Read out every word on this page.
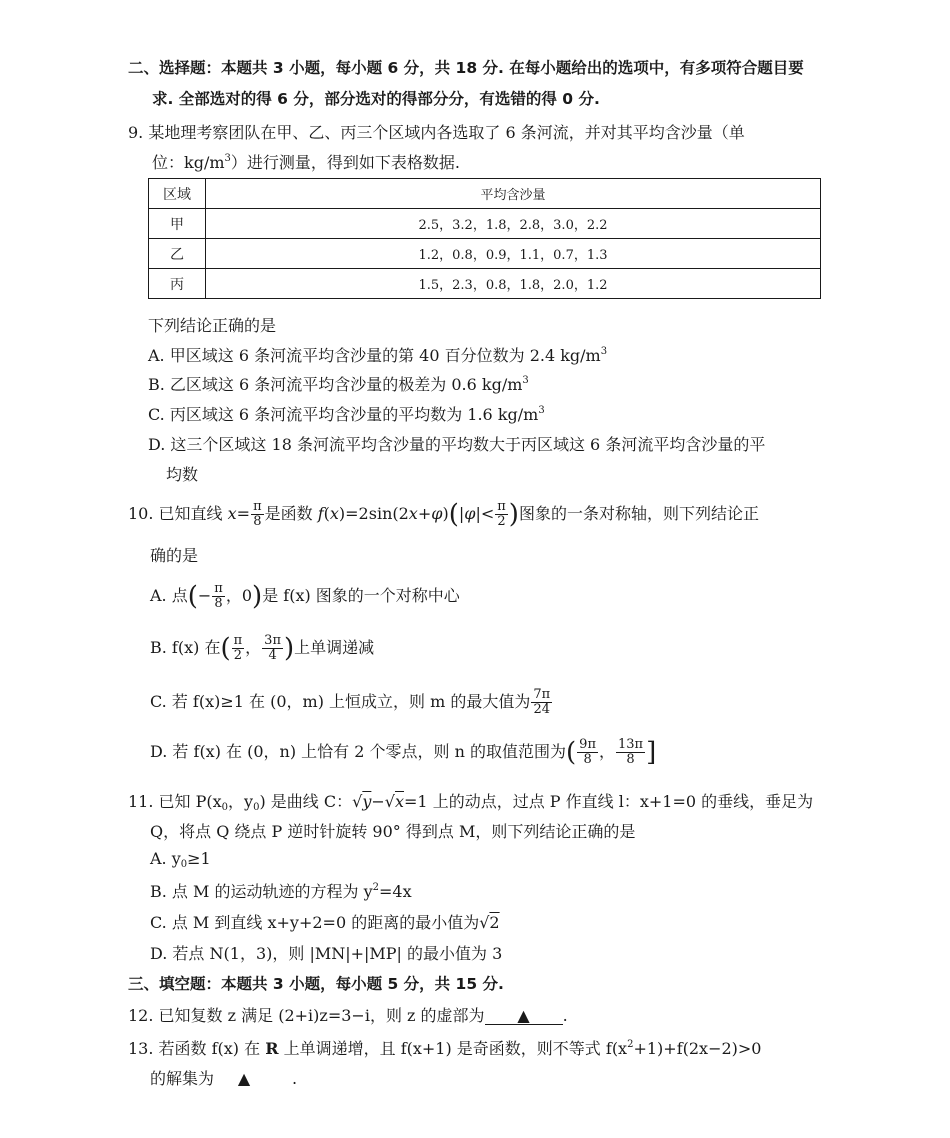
二、选择题：本题共 3 小题，每小题 6 分，共 18 分. 在每小题给出的选项中，有多项符合题目要
求. 全部选对的得 6 分，部分选对的得部分分，有选错的得 0 分.
9. 某地理考察团队在甲、乙、丙三个区域内各选取了 6 条河流，并对其平均含沙量（单
位：$kg/m^3$）进行测量，得到如下表格数据.
区域	平均含沙量
甲	2.5，3.2，1.8，2.8，3.0，2.2
乙	1.2，0.8，0.9，1.1，0.7，1.3
丙	1.5，2.3，0.8，1.8，2.0，1.2
下列结论正确的是
A. 甲区域这 6 条河流平均含沙量的第 40 百分位数为 2.4 $kg/m^3$
B. 乙区域这 6 条河流平均含沙量的极差为 0.6 $kg/m^3$
C. 丙区域这 6 条河流平均含沙量的平均数为 1.6 $kg/m^3$
D. 这三个区域这 18 条河流平均含沙量的平均数大于丙区域这 6 条河流平均含沙量的平
均数
10. 已知直线 $x= \frac{\pi}{8}$ 是函数 $f(x)=2\sin(2x+\varphi)(|\varphi|< \frac{\pi}{2}$ )图象的一条对称轴，则下列结论正
确的是
A. 点(− $\frac{\pi}{8}$ ，0)是 f(x) 图象的一个对称中心
B. f(x) 在( $\frac{\pi}{2}$ ， $\frac{3\pi}{4}$ )上单调递减
C. 若 f(x)≥1 在 (0，m) 上恒成立，则 m 的最大值为 $\frac{7\pi}{24}$
D. 若 f(x) 在 (0，n) 上恰有 2 个零点，则 n 的取值范围为( $\frac{9\pi}{8}$ ， $\frac{13\pi}{8}$ ]
11. 已知 $P(x_0$，$y_0$) 是曲线 C：√y−√x=1 上的动点，过点 P 作直线 l：x+1=0 的垂线，垂足为
Q，将点 Q 绕点 P 逆时针旋转 90° 得到点 M，则下列结论正确的是
A. $y_0\ge 1$
B. 点 M 的运动轨迹的方程为 $y^2=4x$
C. 点 M 到直线 x+y+2=0 的距离的最小值为√2
D. 若点 N(1，3)，则 |MN|+|MP| 的最小值为 3
三、填空题：本题共 3 小题，每小题 5 分，共 15 分.
12. 已知复数 z 满足 (2+i)z=3−i，则 z 的虚部为 ▲ .
13. 若函数 f(x) 在 R 上单调递增，且 f(x+1) 是奇函数，则不等式 $f(x^2+1)+f(2x-2)>0$
的解集为 ▲	.
